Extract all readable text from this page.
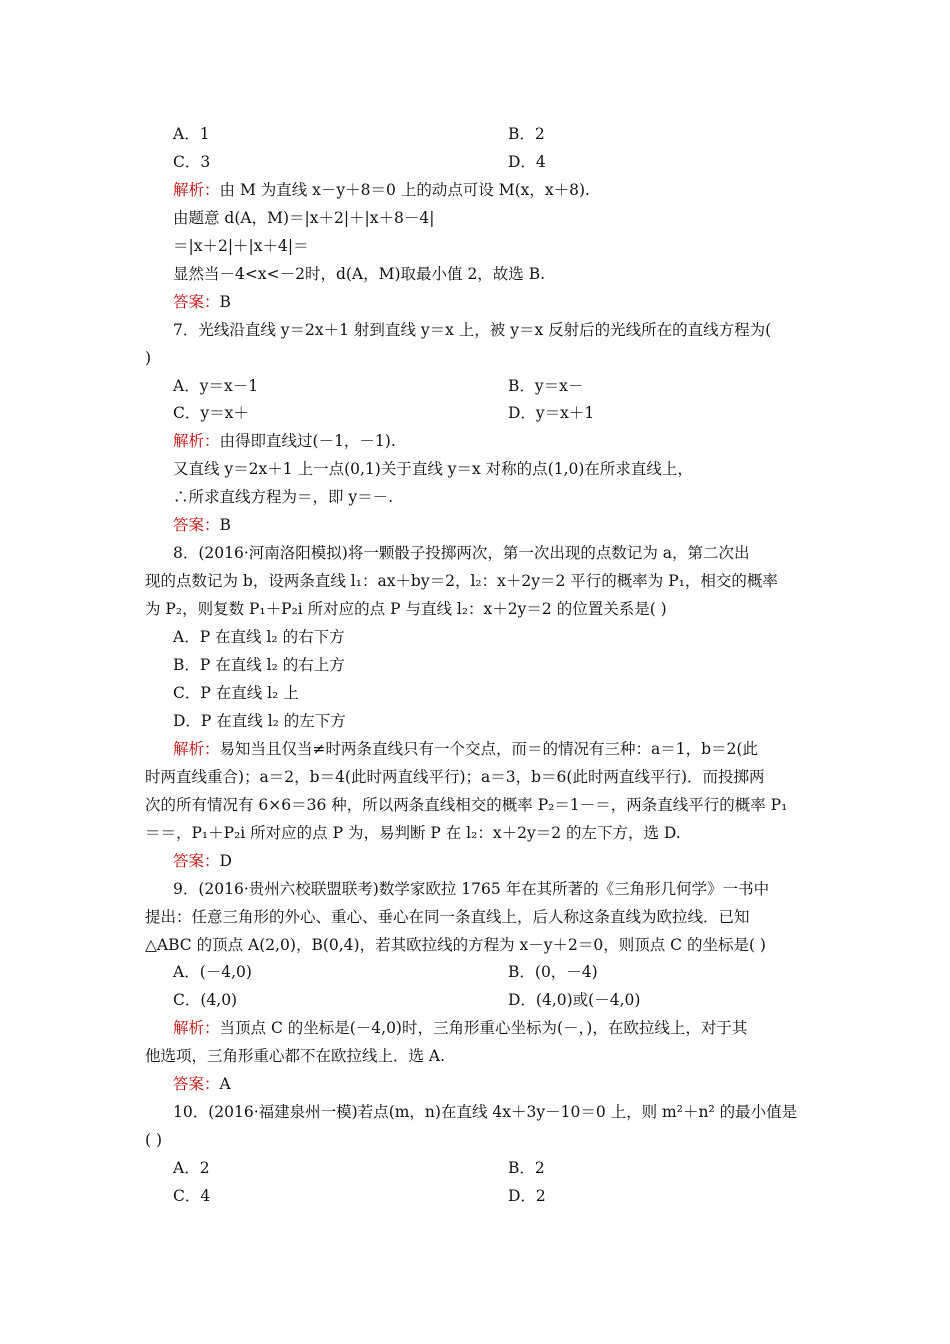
A．1
C．3
由题意 d(A，M)＝|x＋2|＋|x＋8－4|
＝|x＋2|＋|x＋4|＝
显然当－4<x<－2时，d(A，M)取最小值 2，故选 B.
7．光线沿直线 y＝2x＋1 射到直线 y＝x 上，被 y＝x 反射后的光线所在的直线方程为(
)
A．y＝x－1
C．y＝x＋
又直线 y＝2x＋1 上一点(0,1)关于直线 y＝x 对称的点(1,0)在所求直线上，
∴所求直线方程为＝，即 y＝－.
8．(2016·河南洛阳模拟)将一颗骰子投掷两次，第一次出现的点数记为 a，第二次出
现的点数记为 b，设两条直线 l₁：ax＋by＝2，l₂：x＋2y＝2 平行的概率为 P₁，相交的概率
为 P₂，则复数 P₁＋P₂i 所对应的点 P 与直线 l₂：x＋2y＝2 的位置关系是( )
A．P 在直线 l₂ 的右下方
B．P 在直线 l₂ 的右上方
C．P 在直线 l₂ 上
D．P 在直线 l₂ 的左下方
时两直线重合)；a＝2，b＝4(此时两直线平行)；a＝3，b＝6(此时两直线平行)．而投掷两
次的所有情况有 6×6＝36 种，所以两条直线相交的概率 P₂＝1－＝，两条直线平行的概率 P₁
＝＝，P₁＋P₂i 所对应的点 P 为，易判断 P 在 l₂：x＋2y＝2 的左下方，选 D.
9．(2016·贵州六校联盟联考)数学家欧拉 1765 年在其所著的《三角形几何学》一书中
提出：任意三角形的外心、重心、垂心在同一条直线上，后人称这条直线为欧拉线．已知
△ABC 的顶点 A(2,0)，B(0,4)，若其欧拉线的方程为 x－y＋2＝0，则顶点 C 的坐标是( )
A．(－4,0)
C．(4,0)
他选项，三角形重心都不在欧拉线上．选 A.
10．(2016·福建泉州一模)若点(m，n)在直线 4x＋3y－10＝0 上，则 m²＋n² 的最小值是
( )
A．2
C．4
解析：由 M 为直线 x－y＋8＝0 上的动点可设 M(x，x＋8).
答案：B
解析：由得即直线过(－1，－1).
答案：B
解析：易知当且仅当≠时两条直线只有一个交点，而＝的情况有三种：a＝1，b＝2(此
答案：D
解析：当顶点 C 的坐标是(－4,0)时，三角形重心坐标为(－，)，在欧拉线上，对于其
答案：A
B．2
D．4
B．y＝x－
D．y＝x＋1
B．(0，－4)
D．(4,0)或(－4,0)
B．2
D．2
